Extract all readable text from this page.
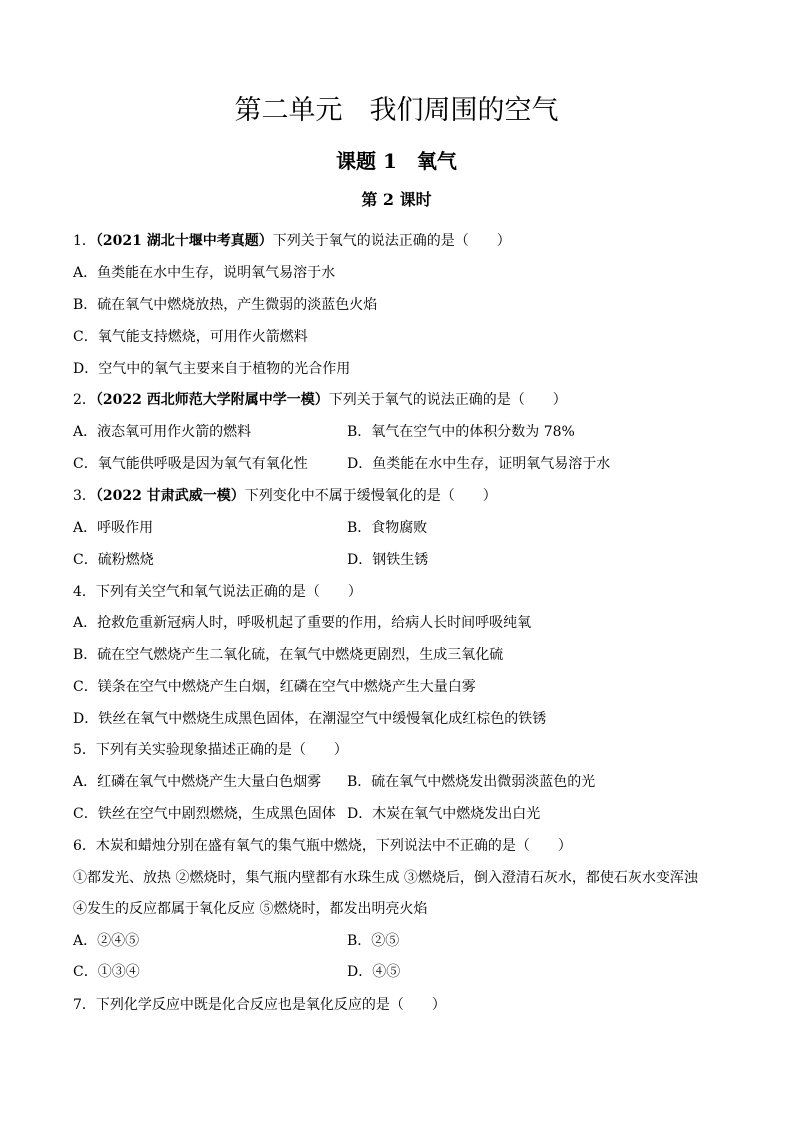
第二单元　我们周围的空气
课题 1　氧气
第 2 课时
1．（2021 湖北十堰中考真题）下列关于氧气的说法正确的是（　　）
A．鱼类能在水中生存，说明氧气易溶于水
B．硫在氧气中燃烧放热，产生微弱的淡蓝色火焰
C．氧气能支持燃烧，可用作火箭燃料
D．空气中的氧气主要来自于植物的光合作用
2．（2022 西北师范大学附属中学一模）下列关于氧气的说法正确的是（　　）
A．液态氧可用作火箭的燃料	B．氧气在空气中的体积分数为 78%
C．氧气能供呼吸是因为氧气有氧化性	D．鱼类能在水中生存，证明氧气易溶于水
3．（2022 甘肃武威一模）下列变化中不属于缓慢氧化的是（　　）
A．呼吸作用	B．食物腐败
C．硫粉燃烧	D．钢铁生锈
4．下列有关空气和氧气说法正确的是（　　）
A．抢救危重新冠病人时，呼吸机起了重要的作用，给病人长时间呼吸纯氧
B．硫在空气燃烧产生二氧化硫，在氧气中燃烧更剧烈，生成三氧化硫
C．镁条在空气中燃烧产生白烟，红磷在空气中燃烧产生大量白雾
D．铁丝在氧气中燃烧生成黑色固体，在潮湿空气中缓慢氧化成红棕色的铁锈
5．下列有关实验现象描述正确的是（　　）
A．红磷在氧气中燃烧产生大量白色烟雾 B．硫在氧气中燃烧发出微弱淡蓝色的光
C．铁丝在空气中剧烈燃烧，生成黑色固体 D．木炭在氧气中燃烧发出白光
6．木炭和蜡烛分别在盛有氧气的集气瓶中燃烧，下列说法中不正确的是（　　）
①都发光、放热 ②燃烧时，集气瓶内壁都有水珠生成 ③燃烧后，倒入澄清石灰水，都使石灰水变浑浊
④发生的反应都属于氧化反应 ⑤燃烧时，都发出明亮火焰
A．②④⑤	B．②⑤
C．①③④	D．④⑤
7．下列化学反应中既是化合反应也是氧化反应的是（　　）
